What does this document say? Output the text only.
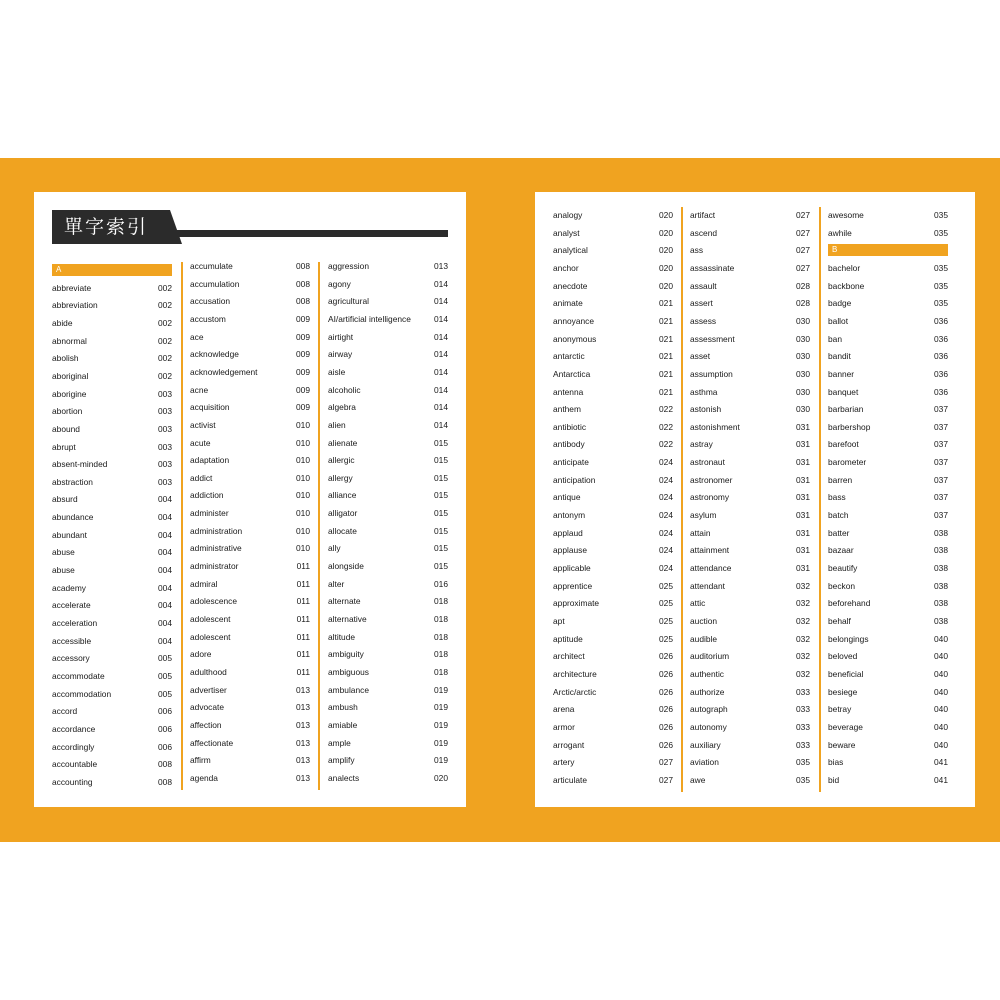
單字索引
A
abbreviate	002
abbreviation	002
abide	002
abnormal	002
abolish	002
aboriginal	002
aborigine	003
abortion	003
abound	003
abrupt	003
absent-minded	003
abstraction	003
absurd	004
abundance	004
abundant	004
abuse	004
abuse	004
academy	004
accelerate	004
acceleration	004
accessible	004
accessory	005
accommodate	005
accommodation	005
accord	006
accordance	006
accordingly	006
accountable	008
accounting	008
accumulate	008
accumulation	008
accusation	008
accustom	009
ace	009
acknowledge	009
acknowledgement	009
acne	009
acquisition	009
activist	010
acute	010
adaptation	010
addict	010
addiction	010
administer	010
administration	010
administrative	010
administrator	011
admiral	011
adolescence	011
adolescent	011
adolescent	011
adore	011
adulthood	011
advertiser	013
advocate	013
affection	013
affectionate	013
affirm	013
agenda	013
aggression	013
agony	014
agricultural	014
AI/artificial intelligence	014
airtight	014
airway	014
aisle	014
alcoholic	014
algebra	014
alien	014
alienate	015
allergic	015
allergy	015
alliance	015
alligator	015
allocate	015
ally	015
alongside	015
alter	016
alternate	018
alternative	018
altitude	018
ambiguity	018
ambiguous	018
ambulance	019
ambush	019
amiable	019
ample	019
amplify	019
analects	020
analogy	020
analyst	020
analytical	020
anchor	020
anecdote	020
animate	021
annoyance	021
anonymous	021
antarctic	021
Antarctica	021
antenna	021
anthem	022
antibiotic	022
antibody	022
anticipate	024
anticipation	024
antique	024
antonym	024
applaud	024
applause	024
applicable	024
apprentice	025
approximate	025
apt	025
aptitude	025
architect	026
architecture	026
Arctic/arctic	026
arena	026
armor	026
arrogant	026
artery	027
articulate	027
artifact	027
ascend	027
ass	027
assassinate	027
assault	028
assert	028
assess	030
assessment	030
asset	030
assumption	030
asthma	030
astonish	030
astonishment	031
astray	031
astronaut	031
astronomer	031
astronomy	031
asylum	031
attain	031
attainment	031
attendance	031
attendant	032
attic	032
auction	032
audible	032
auditorium	032
authentic	032
authorize	033
autograph	033
autonomy	033
auxiliary	033
aviation	035
awe	035
awesome	035
awhile	035
B
bachelor	035
backbone	035
badge	035
ballot	036
ban	036
bandit	036
banner	036
banquet	036
barbarian	037
barbershop	037
barefoot	037
barometer	037
barren	037
bass	037
batch	037
batter	038
bazaar	038
beautify	038
beckon	038
beforehand	038
behalf	038
belongings	040
beloved	040
beneficial	040
besiege	040
betray	040
beverage	040
beware	040
bias	041
bid	041
